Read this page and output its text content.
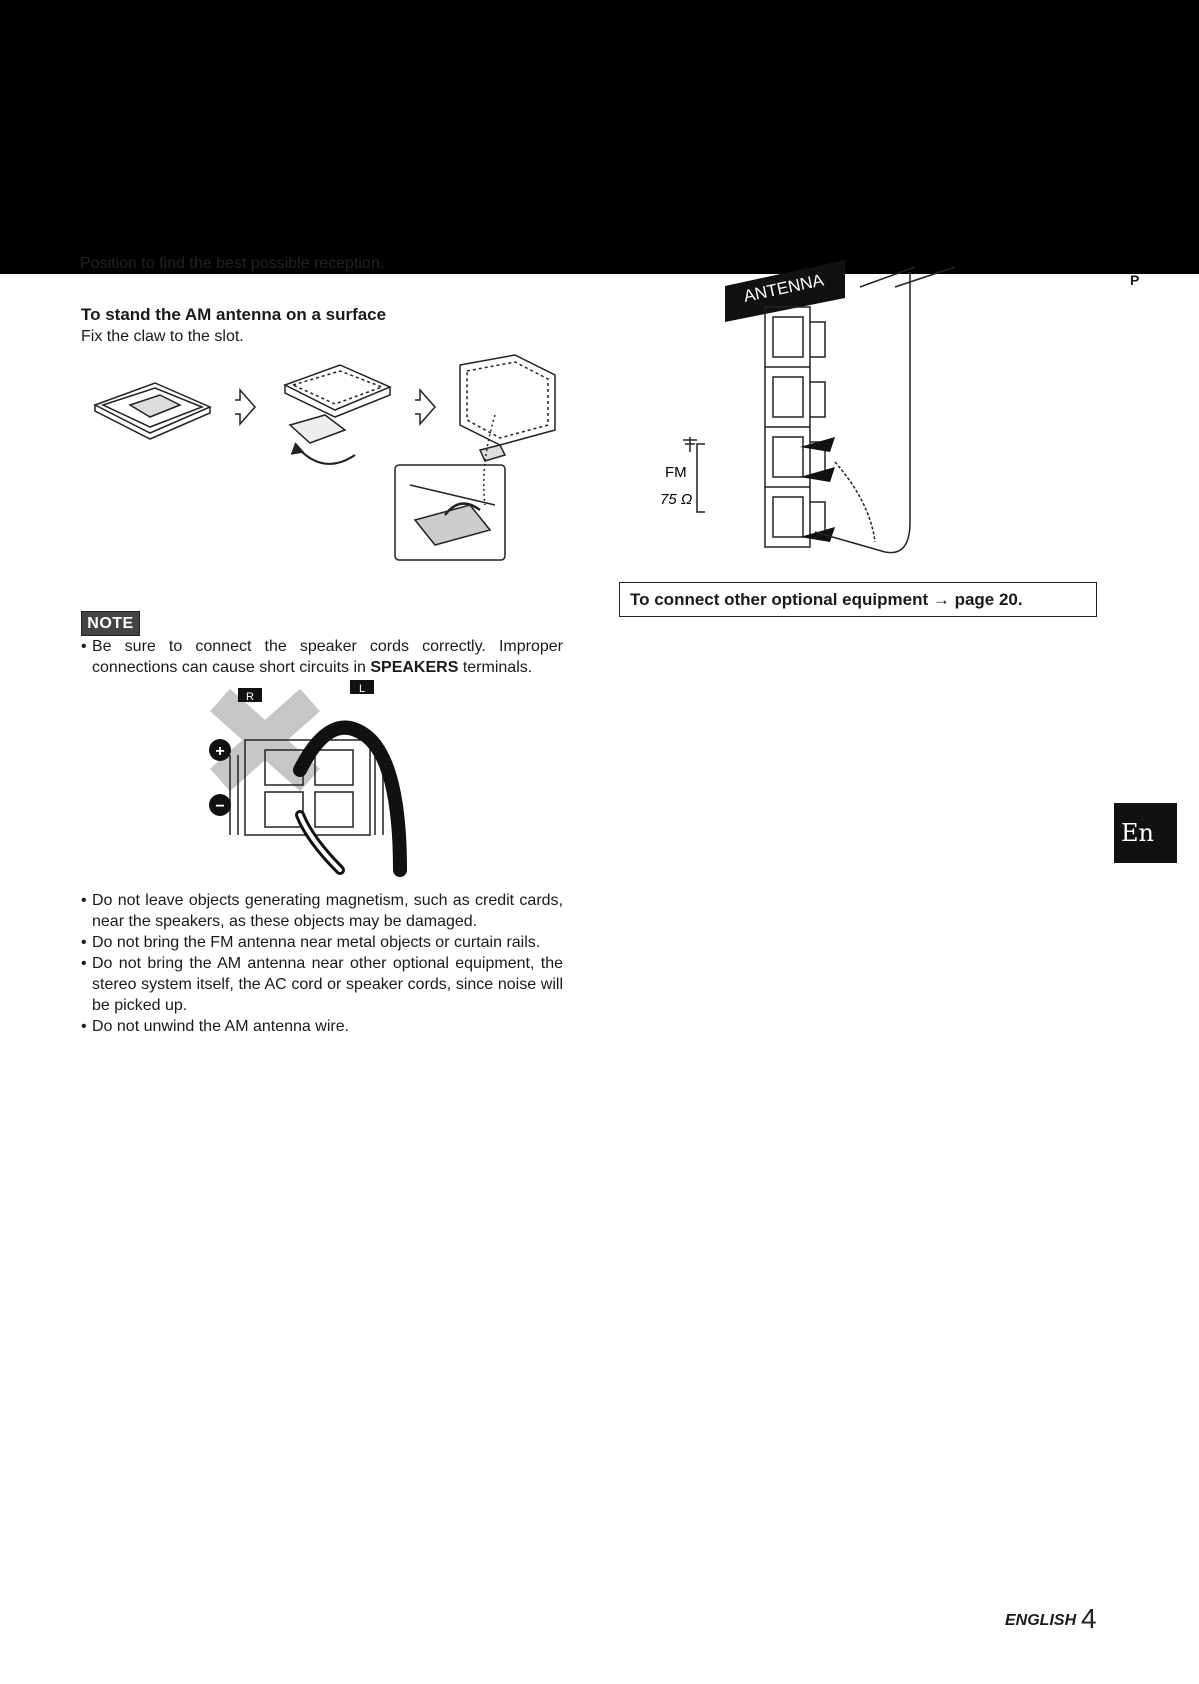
Position to find the best possible reception.
P
To stand the AM antenna on a surface
Fix the claw to the slot.
NOTE
• Be sure to connect the speaker cords correctly. Improper connections can cause short circuits in SPEAKERS terminals.
R
L
+
−
• Do not leave objects generating magnetism, such as credit cards, near the speakers, as these objects may be damaged.
• Do not bring the FM antenna near metal objects or curtain rails.
• Do not bring the AM antenna near other optional equipment, the stereo system itself, the AC cord or speaker cords, since noise will be picked up.
• Do not unwind the AM antenna wire.
ANTENNA
FM
75 Ω
To connect other optional equipment → page 20.
En
ENGLISH 4
